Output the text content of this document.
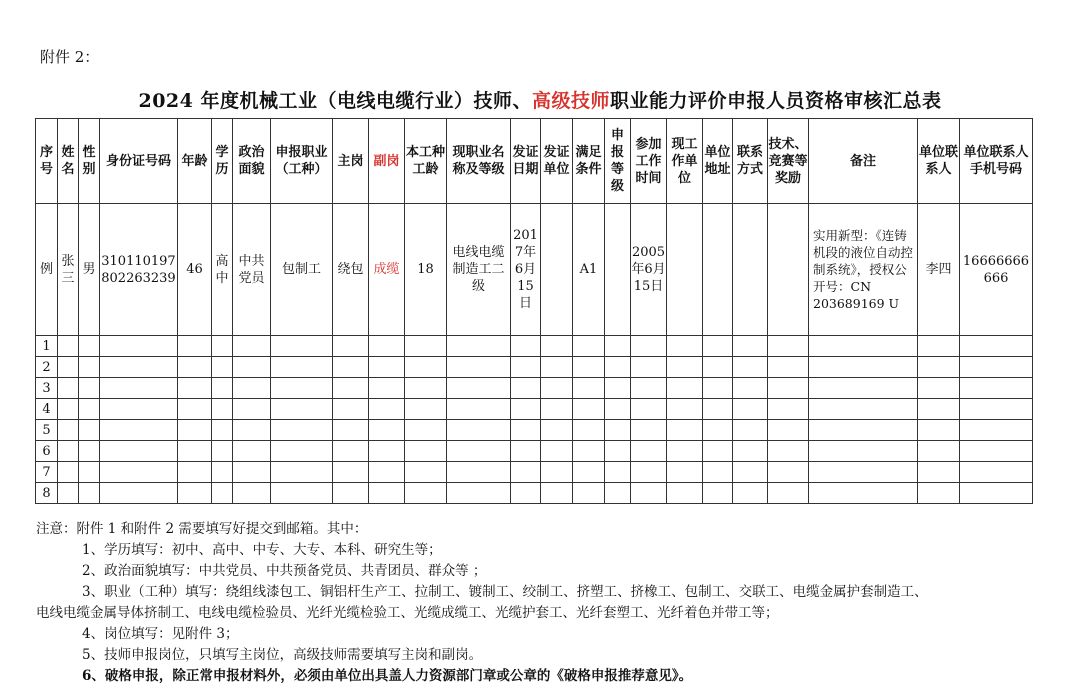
附件 2：
2024 年度机械工业（电线电缆行业）技师、高级技师职业能力评价申报人员资格审核汇总表
序号	姓名	性别	身份证号码	年龄	学历	政治面貌	申报职业（工种）	主岗	副岗	本工种工龄	现职业名称及等级	发证日期	发证单位	满足条件	申报等级	参加工作时间	现工作单位	单位地址	联系方式	技术、竞赛等奖励	备注	单位联系人	单位联系人手机号码
例	张三	男	310110197802263239	46	高中	中共党员	包制工	绕包	成缆	18	电线电缆制造工二级	2017年6月15日		A1		2005年6月15日					实用新型：《连铸机段的液位自动控制系统》，授权公开号：CN 203689169 U	李四	16666666666
1																							
2																							
3																							
4																							
5																							
6																							
7																							
8																							

注意：附件 1 和附件 2 需要填写好提交到邮箱。其中：

1、学历填写：初中、高中、中专、大专、本科、研究生等；

2、政治面貌填写：中共党员、中共预备党员、共青团员、群众等 ；

3、职业（工种）填写：绕组线漆包工、铜铝杆生产工、拉制工、镀制工、绞制工、挤塑工、挤橡工、包制工、交联工、电缆金属护套制造工、

电线电缆金属导体挤制工、电线电缆检验员、光纤光缆检验工、光缆成缆工、光缆护套工、光纤套塑工、光纤着色并带工等；

4、岗位填写：见附件 3；

5、技师申报岗位，只填写主岗位，高级技师需要填写主岗和副岗。

6、破格申报，除正常申报材料外，必须由单位出具盖人力资源部门章或公章的《破格申报推荐意见》。
